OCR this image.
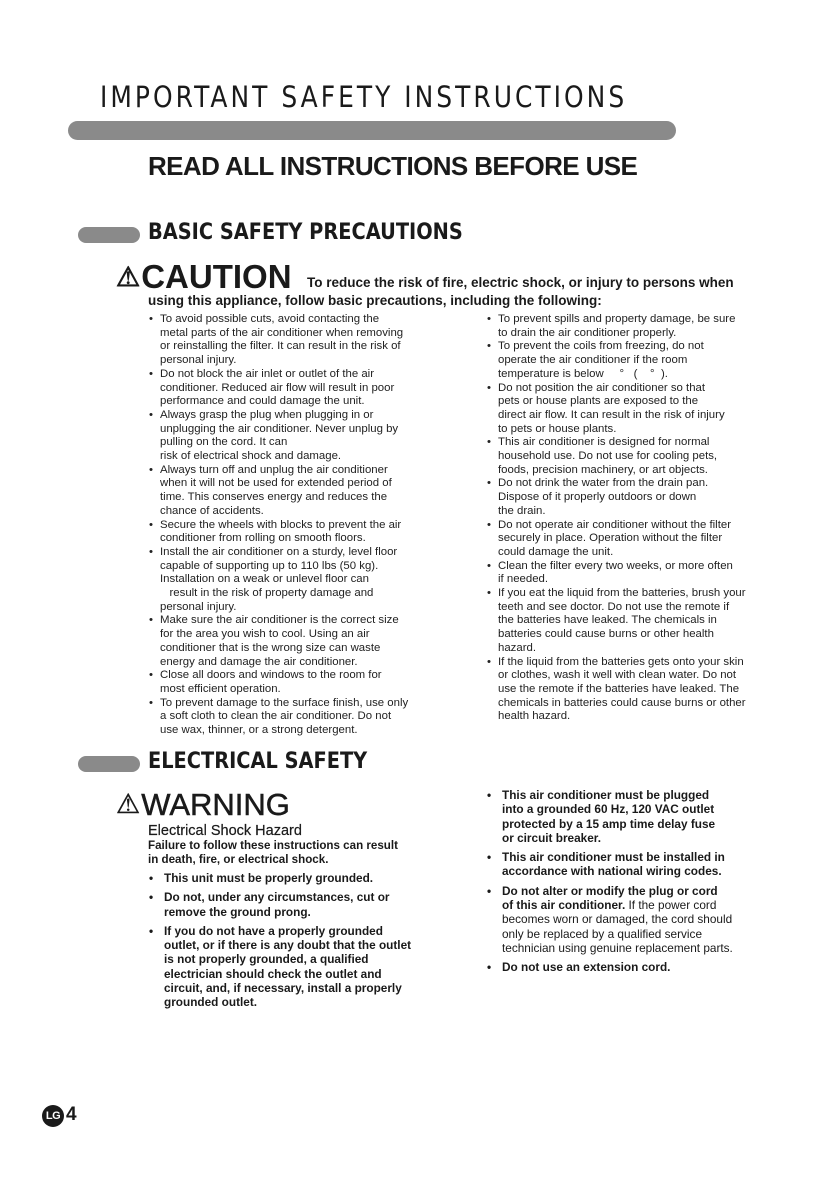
IMPORTANT SAFETY INSTRUCTIONS
READ ALL INSTRUCTIONS BEFORE USE
BASIC SAFETY PRECAUTIONS
⚠CAUTION To reduce the risk of fire, electric shock, or injury to persons when
using this appliance, follow basic precautions, including the following:
• To avoid possible cuts, avoid contacting the
metal parts of the air conditioner when removing
or reinstalling the filter. It can result in the risk of
personal injury.
• Do not block the air inlet or outlet of the air
conditioner. Reduced air flow will result in poor
performance and could damage the unit.
• Always grasp the plug when plugging in or
unplugging the air conditioner. Never unplug by
pulling on the cord. It can
risk of electrical shock and damage.
• Always turn off and unplug the air conditioner
when it will not be used for extended period of
time. This conserves energy and reduces the
chance of accidents.
• Secure the wheels with blocks to prevent the air
conditioner from rolling on smooth floors.
• Install the air conditioner on a sturdy, level floor
capable of supporting up to 110 lbs (50 kg).
Installation on a weak or unlevel floor can
result in the risk of property damage and
personal injury.
• Make sure the air conditioner is the correct size
for the area you wish to cool. Using an air
conditioner that is the wrong size can waste
energy and damage the air conditioner.
• Close all doors and windows to the room for
most efficient operation.
• To prevent damage to the surface finish, use only
a soft cloth to clean the air conditioner. Do not
use wax, thinner, or a strong detergent.
• To prevent spills and property damage, be sure
to drain the air conditioner properly.
• To prevent the coils from freezing, do not
operate the air conditioner if the room
temperature is below     °   (    °  ).
• Do not position the air conditioner so that
pets or house plants are exposed to the
direct air flow. It can result in the risk of injury
to pets or house plants.
• This air conditioner is designed for normal
household use. Do not use for cooling pets,
foods, precision machinery, or art objects.
• Do not drink the water from the drain pan.
Dispose of it properly outdoors or down
the drain.
• Do not operate air conditioner without the filter
securely in place. Operation without the filter
could damage the unit.
• Clean the filter every two weeks, or more often
if needed.
• If you eat the liquid from the batteries, brush your
teeth and see doctor. Do not use the remote if
the batteries have leaked. The chemicals in
batteries could cause burns or other health
hazard.
• If the liquid from the batteries gets onto your skin
or clothes, wash it well with clean water. Do not
use the remote if the batteries have leaked. The
chemicals in batteries could cause burns or other
health hazard.
ELECTRICAL SAFETY
⚠WARNING
Electrical Shock Hazard
Failure to follow these instructions can result
in death, fire, or electrical shock.
• This unit must be properly grounded.
• Do not, under any circumstances, cut or
remove the ground prong.
• If you do not have a properly grounded
outlet, or if there is any doubt that the outlet
is not properly grounded, a qualified
electrician should check the outlet and
circuit, and, if necessary, install a properly
grounded outlet.
• This air conditioner must be plugged
into a grounded 60 Hz, 120 VAC outlet
protected by a 15 amp time delay fuse
or circuit breaker.
• This air conditioner must be installed in
accordance with national wiring codes.
• Do not alter or modify the plug or cord
of this air conditioner. If the power cord
becomes worn or damaged, the cord should
only be replaced by a qualified service
technician using genuine replacement parts.
• Do not use an extension cord.
LG 4
